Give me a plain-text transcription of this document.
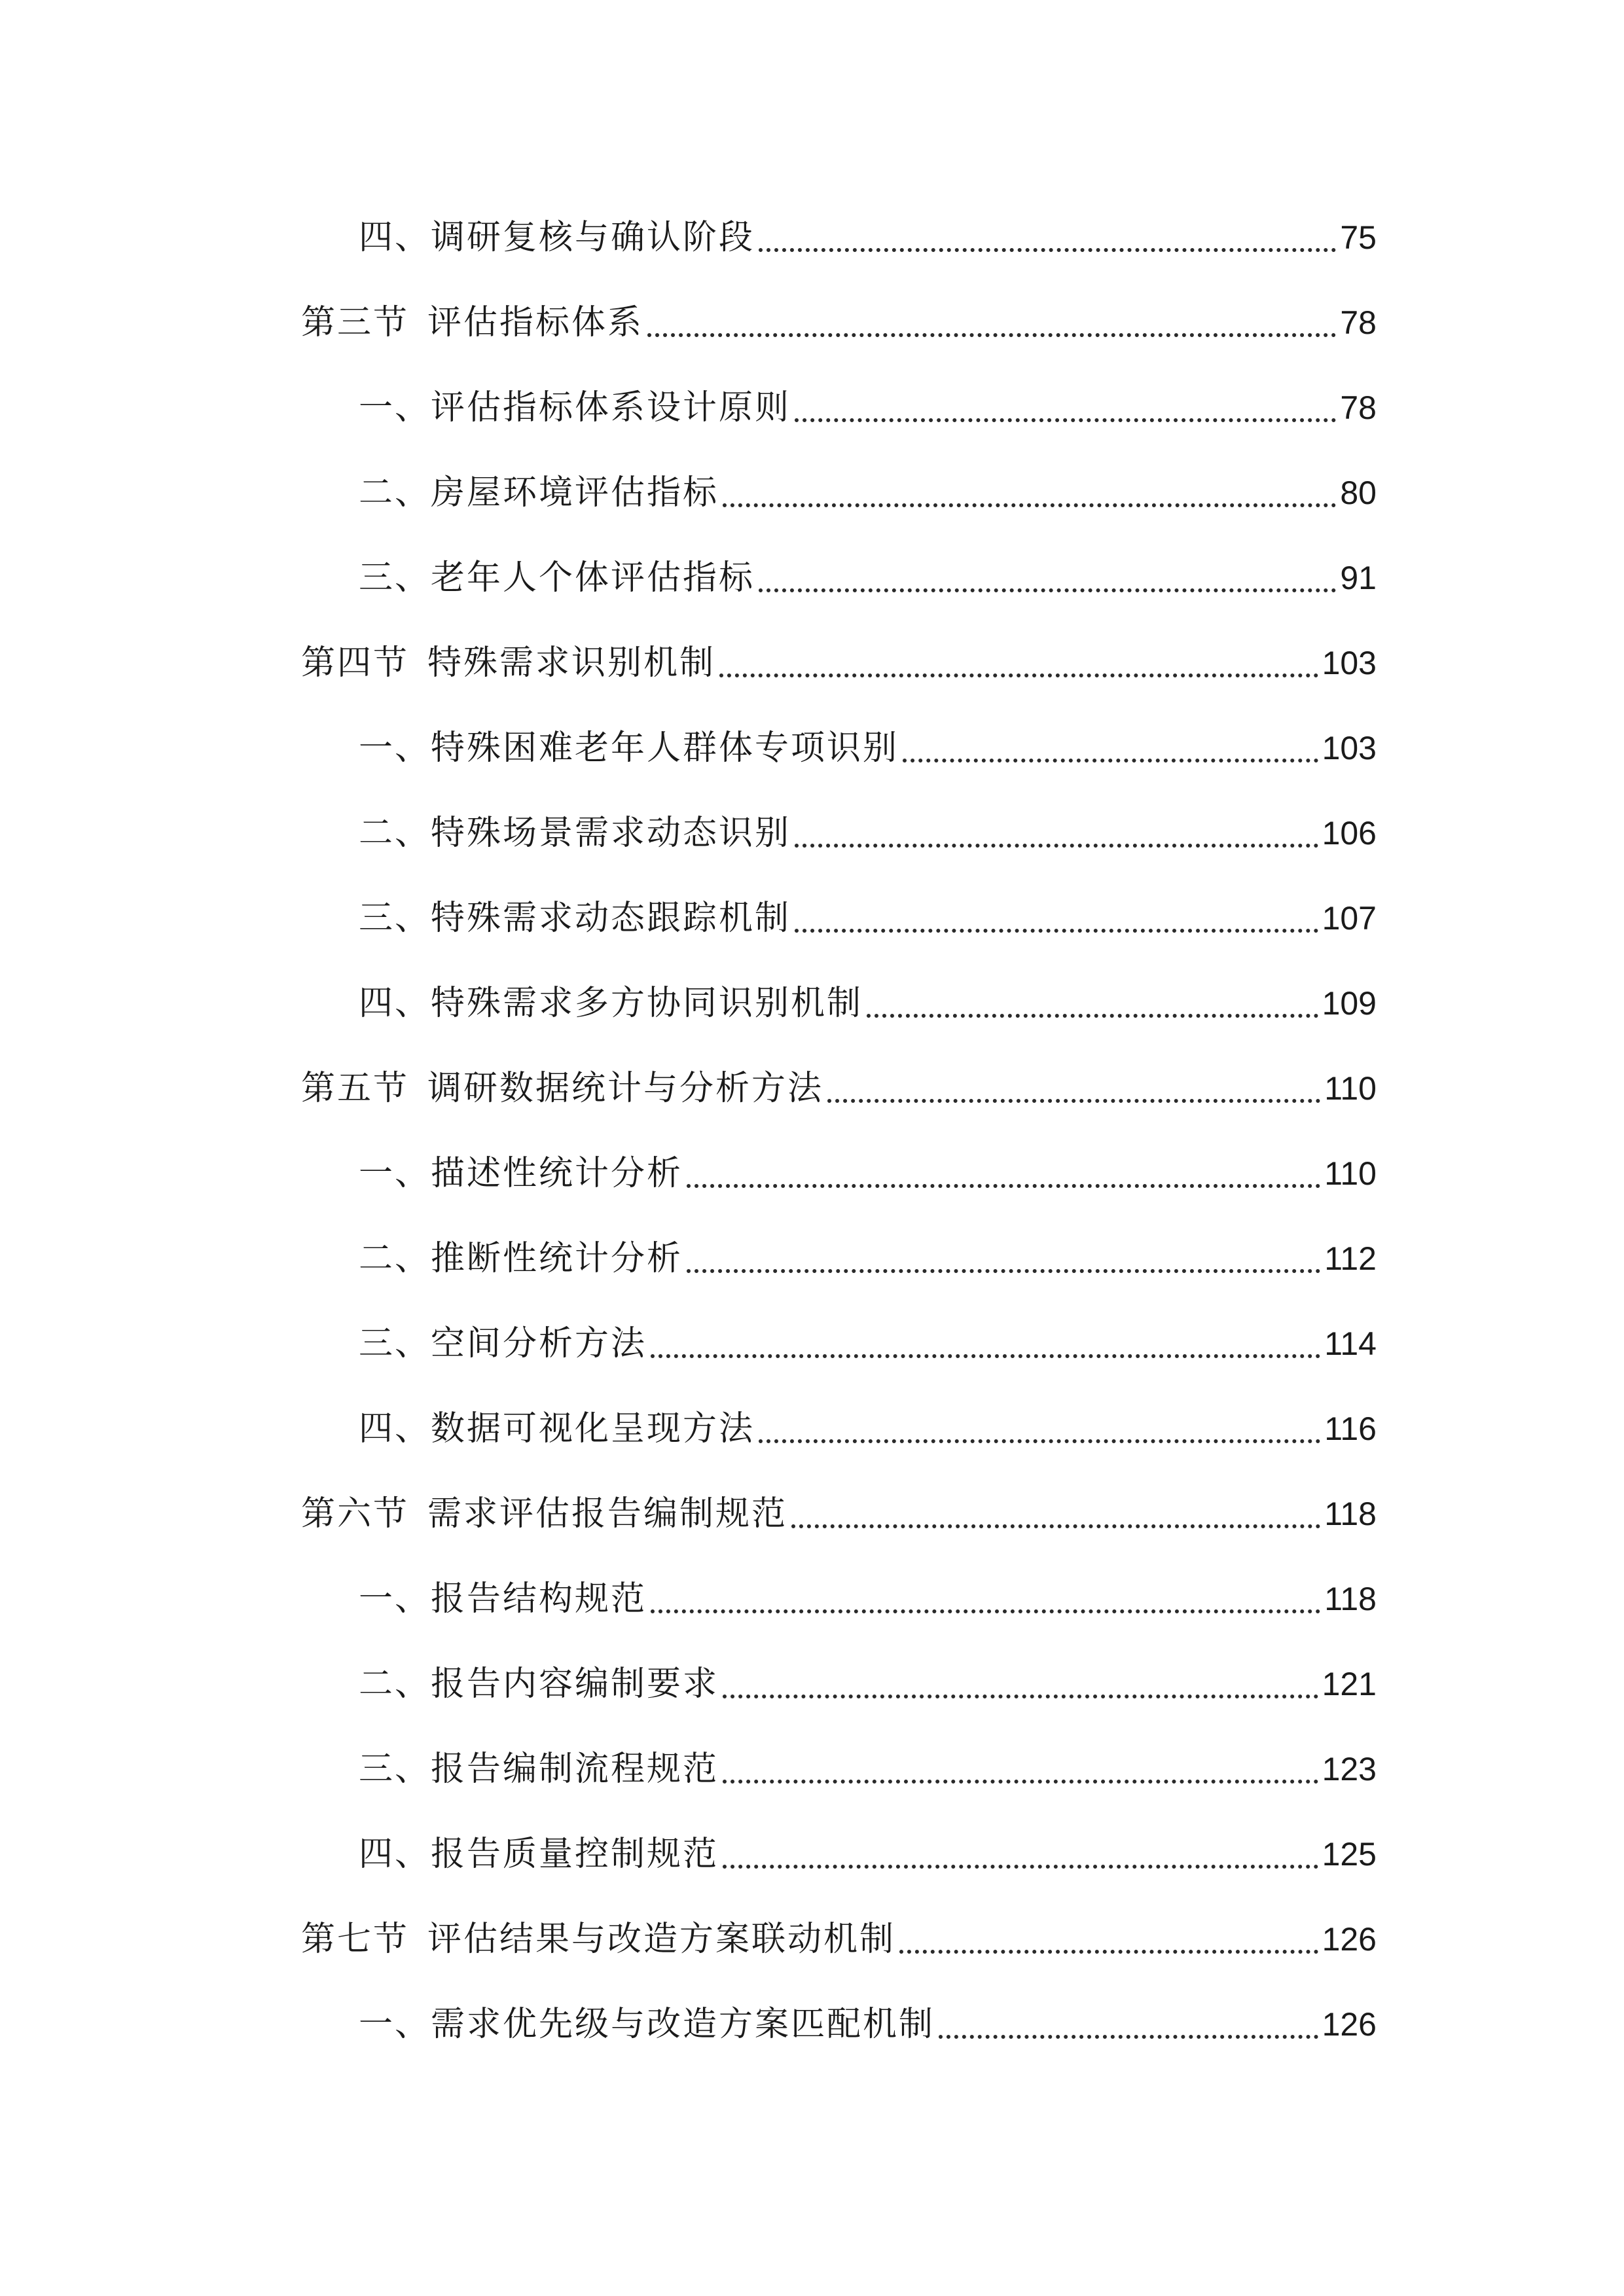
四、调研复核与确认阶段	75
第三节 评估指标体系	78
一、评估指标体系设计原则	78
二、房屋环境评估指标	80
三、老年人个体评估指标	91
第四节 特殊需求识别机制	103
一、特殊困难老年人群体专项识别	103
二、特殊场景需求动态识别	106
三、特殊需求动态跟踪机制	107
四、特殊需求多方协同识别机制	109
第五节 调研数据统计与分析方法	110
一、描述性统计分析	110
二、推断性统计分析	112
三、空间分析方法	114
四、数据可视化呈现方法	116
第六节 需求评估报告编制规范	118
一、报告结构规范	118
二、报告内容编制要求	121
三、报告编制流程规范	123
四、报告质量控制规范	125
第七节 评估结果与改造方案联动机制	126
一、需求优先级与改造方案匹配机制	126
